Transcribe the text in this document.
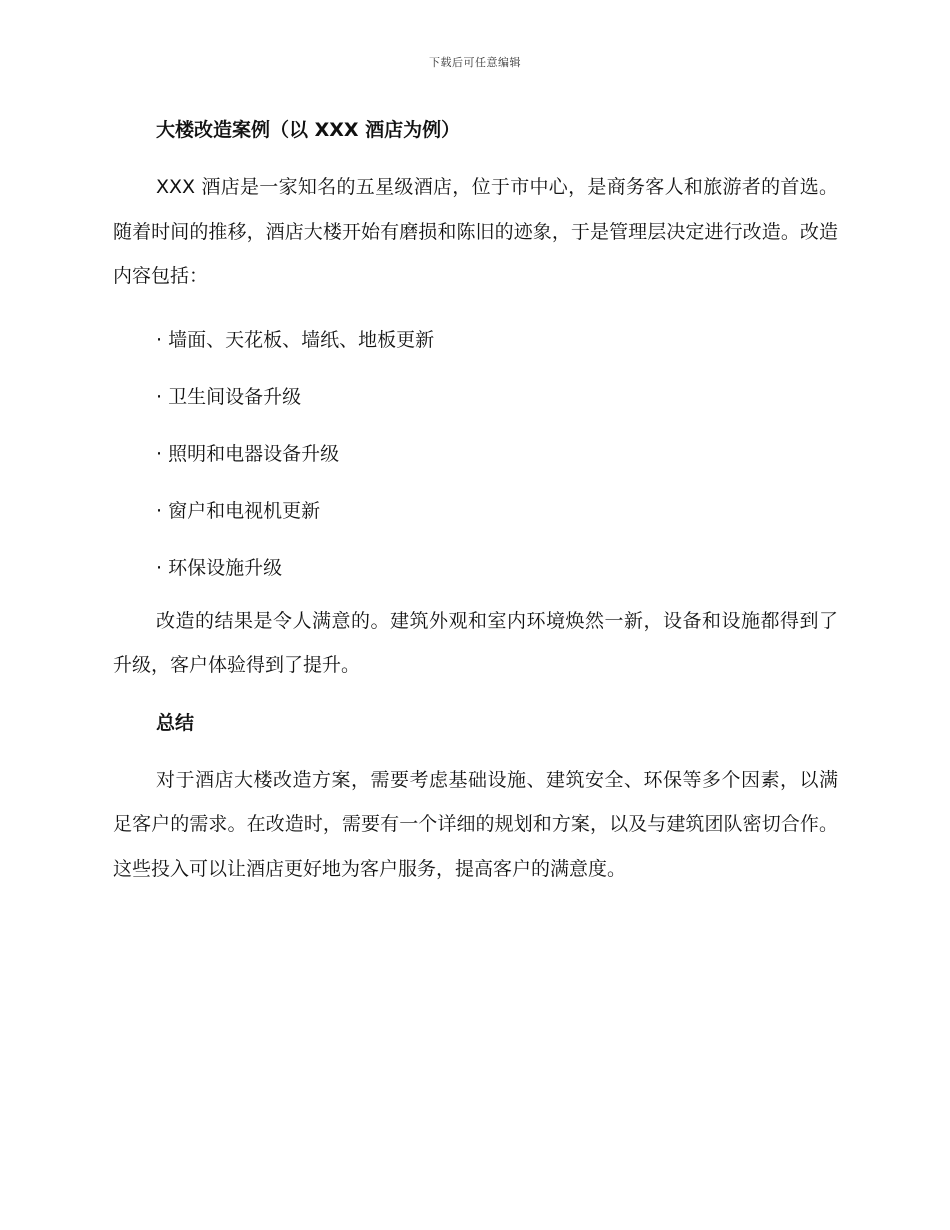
下载后可任意编辑
大楼改造案例（以 XXX 酒店为例）

XXX 酒店是一家知名的五星级酒店，位于市中心，是商务客人和旅游者的首选。随着时间的推移，酒店大楼开始有磨损和陈旧的迹象，于是管理层决定进行改造。改造内容包括：

· 墙面、天花板、墙纸、地板更新
· 卫生间设备升级
· 照明和电器设备升级
· 窗户和电视机更新
· 环保设施升级

改造的结果是令人满意的。建筑外观和室内环境焕然一新，设备和设施都得到了升级，客户体验得到了提升。

总结

对于酒店大楼改造方案，需要考虑基础设施、建筑安全、环保等多个因素，以满足客户的需求。在改造时，需要有一个详细的规划和方案，以及与建筑团队密切合作。这些投入可以让酒店更好地为客户服务，提高客户的满意度。
